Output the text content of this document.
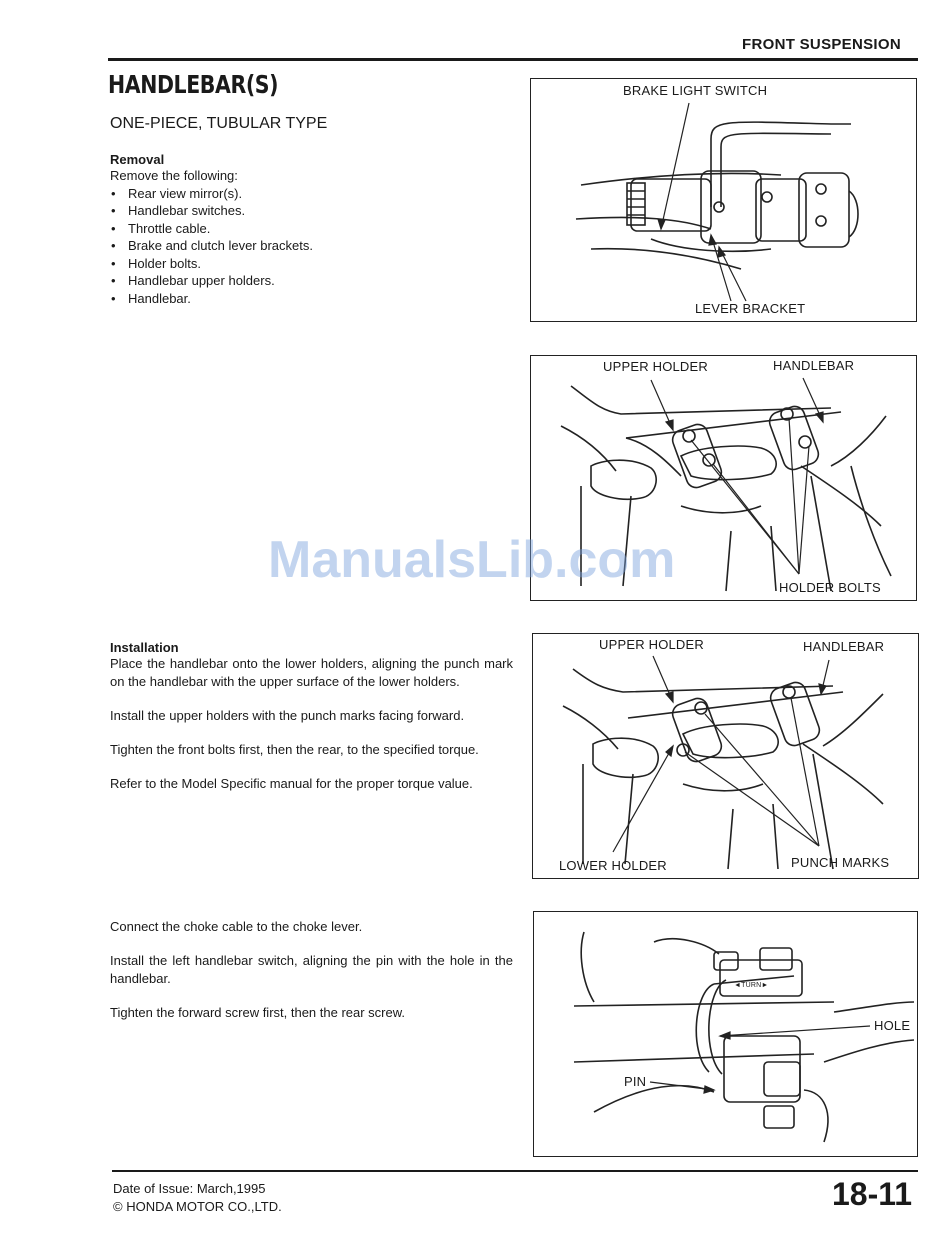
FRONT SUSPENSION
HANDLEBAR(S)
ONE-PIECE, TUBULAR TYPE
Removal
Remove the following:
• Rear view mirror(s).
• Handlebar switches.
• Throttle cable.
• Brake and clutch lever brackets.
• Holder bolts.
• Handlebar upper holders.
• Handlebar.
Installation

Place the handlebar onto the lower holders, aligning the punch mark on the handlebar with the upper surface of the lower holders.

Install the upper holders with the punch marks facing forward.

Tighten the front bolts first, then the rear, to the specified torque.

Refer to the Model Specific manual for the proper torque value.

Connect the choke cable to the choke lever.

Install the left handlebar switch, aligning the pin with the hole in the handlebar.

Tighten the forward screw first, then the rear screw.

BRAKE LIGHT SWITCH
LEVER BRACKET
UPPER HOLDER	HANDLEBAR
HOLDER BOLTS
UPPER HOLDER	HANDLEBAR
LOWER HOLDER	PUNCH MARKS
◄TURN►
HOLE
PIN
ManualsLib.com
Date of Issue: March,1995
© HONDA MOTOR CO.,LTD.	18-11
